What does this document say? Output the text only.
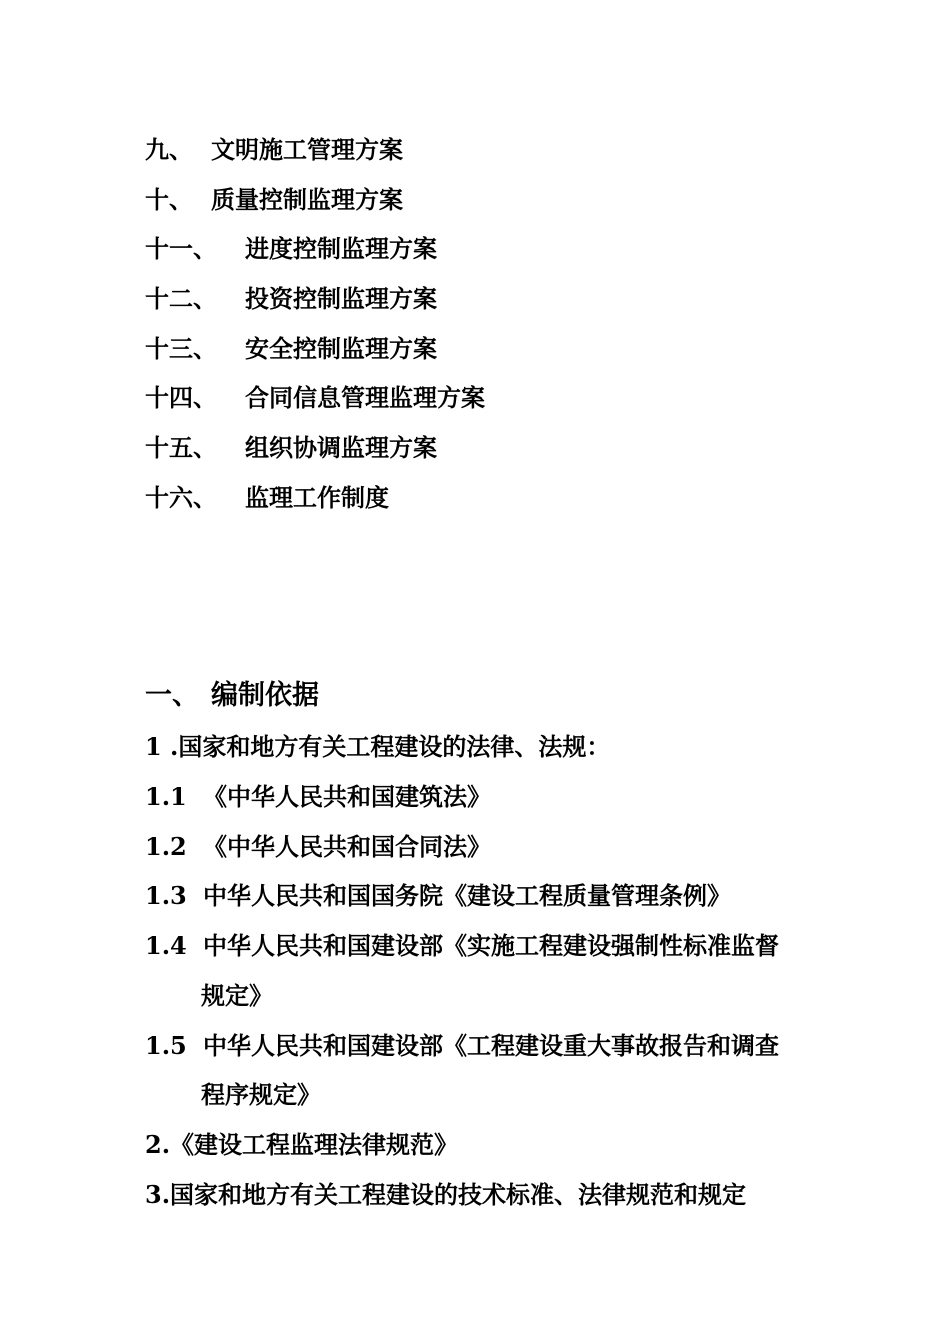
九、 文明施工管理方案
十、 质量控制监理方案
十一、 进度控制监理方案
十二、 投资控制监理方案
十三、 安全控制监理方案
十四、 合同信息管理监理方案
十五、 组织协调监理方案
十六、 监理工作制度
一、 编制依据
1 .国家和地方有关工程建设的法律、法规：
1.1 《中华人民共和国建筑法》
1.2 《中华人民共和国合同法》
1.3 中华人民共和国国务院《建设工程质量管理条例》
1.4 中华人民共和国建设部《实施工程建设强制性标准监督
规定》
1.5 中华人民共和国建设部《工程建设重大事故报告和调查
程序规定》
2.《建设工程监理法律规范》
3.国家和地方有关工程建设的技术标准、法律规范和规定
